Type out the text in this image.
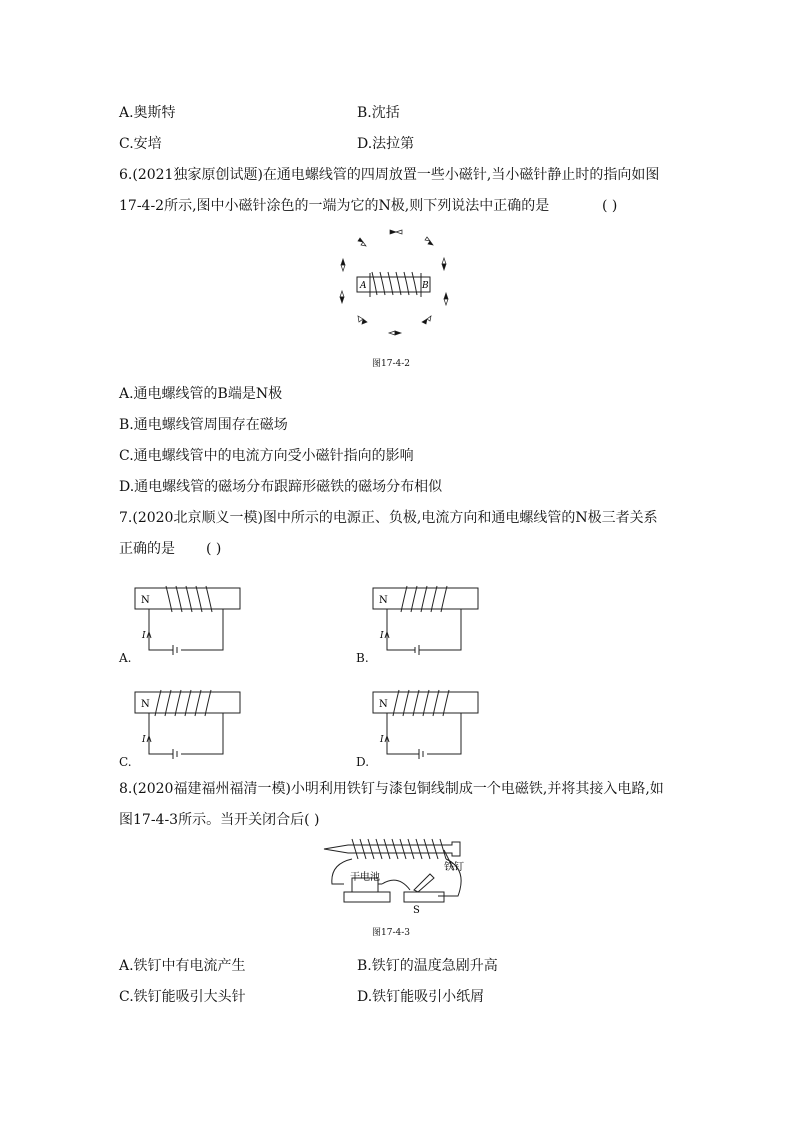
A.奥斯特	B.沈括
C.安培	D.法拉第
6.(2021独家原创试题)在通电螺线管的四周放置一些小磁针,当小磁针静止时的指向如图
17-4-2所示,图中小磁针涂色的一端为它的N极,则下列说法中正确的是	( )
A	B
图17-4-2
A.通电螺线管的B端是N极
B.通电螺线管周围存在磁场
C.通电螺线管中的电流方向受小磁针指向的影响
D.通电螺线管的磁场分布跟蹄形磁铁的磁场分布相似
7.(2020北京顺义一模)图中所示的电源正、负极,电流方向和通电螺线管的N极三者关系
正确的是 ( )
N
I
A.
N
I
B.
N
I
C.
N
I
D.
8.(2020福建福州福清一模)小明利用铁钉与漆包铜线制成一个电磁铁,并将其接入电路,如
图17-4-3所示。当开关闭合后( )
干电池
铁钉
S
图17-4-3
A.铁钉中有电流产生	B.铁钉的温度急剧升高
C.铁钉能吸引大头针	D.铁钉能吸引小纸屑
